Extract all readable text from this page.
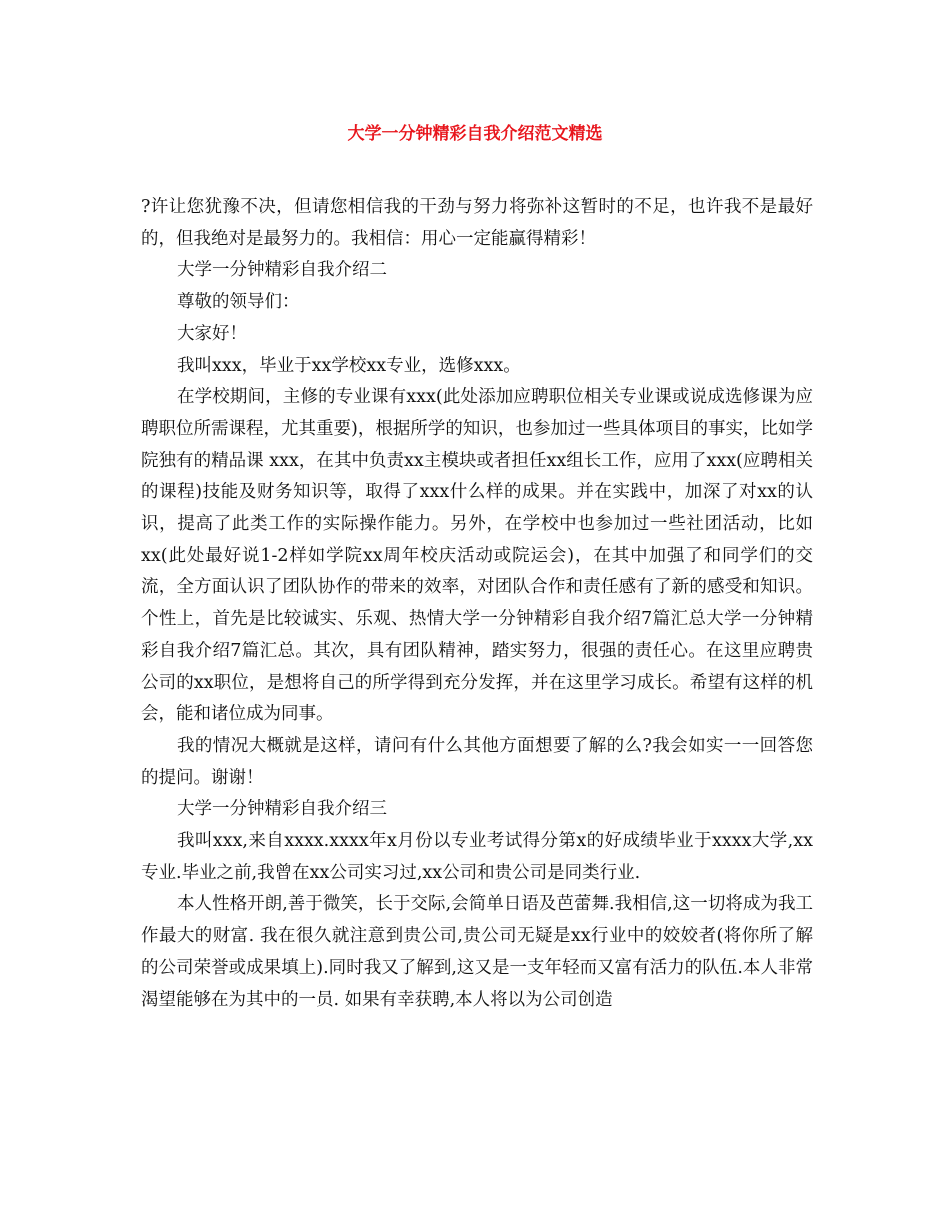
大学一分钟精彩自我介绍范文精选

?许让您犹豫不决，但请您相信我的干劲与努力将弥补这暂时的不足，也许我不是最好的，但我绝对是最努力的。我相信：用心一定能赢得精彩！

大学一分钟精彩自我介绍二

尊敬的领导们：

大家好！

我叫xxx，毕业于xx学校xx专业，选修xxx。

在学校期间，主修的专业课有xxx(此处添加应聘职位相关专业课或说成选修课为应聘职位所需课程，尤其重要)，根据所学的知识，也参加过一些具体项目的事实，比如学院独有的精品课 xxx，在其中负责xx主模块或者担任xx组长工作，应用了xxx(应聘相关的课程)技能及财务知识等，取得了xxx什么样的成果。并在实践中，加深了对xx的认识，提高了此类工作的实际操作能力。另外，在学校中也参加过一些社团活动，比如xx(此处最好说1-2样如学院xx周年校庆活动或院运会)，在其中加强了和同学们的交流，全方面认识了团队协作的带来的效率，对团队合作和责任感有了新的感受和知识。个性上，首先是比较诚实、乐观、热情大学一分钟精彩自我介绍7篇汇总大学一分钟精彩自我介绍7篇汇总。其次，具有团队精神，踏实努力，很强的责任心。在这里应聘贵公司的xx职位，是想将自己的所学得到充分发挥，并在这里学习成长。希望有这样的机会，能和诸位成为同事。

我的情况大概就是这样，请问有什么其他方面想要了解的么?我会如实一一回答您的提问。谢谢！

大学一分钟精彩自我介绍三

我叫xxx,来自xxxx.xxxx年x月份以专业考试得分第x的好成绩毕业于xxxx大学,xx专业.毕业之前,我曾在xx公司实习过,xx公司和贵公司是同类行业.

本人性格开朗,善于微笑，长于交际,会简单日语及芭蕾舞.我相信,这一切将成为我工作最大的财富. 我在很久就注意到贵公司,贵公司无疑是xx行业中的姣姣者(将你所了解的公司荣誉或成果填上).同时我又了解到,这又是一支年轻而又富有活力的队伍.本人非常渴望能够在为其中的一员. 如果有幸获聘,本人将以为公司创造
